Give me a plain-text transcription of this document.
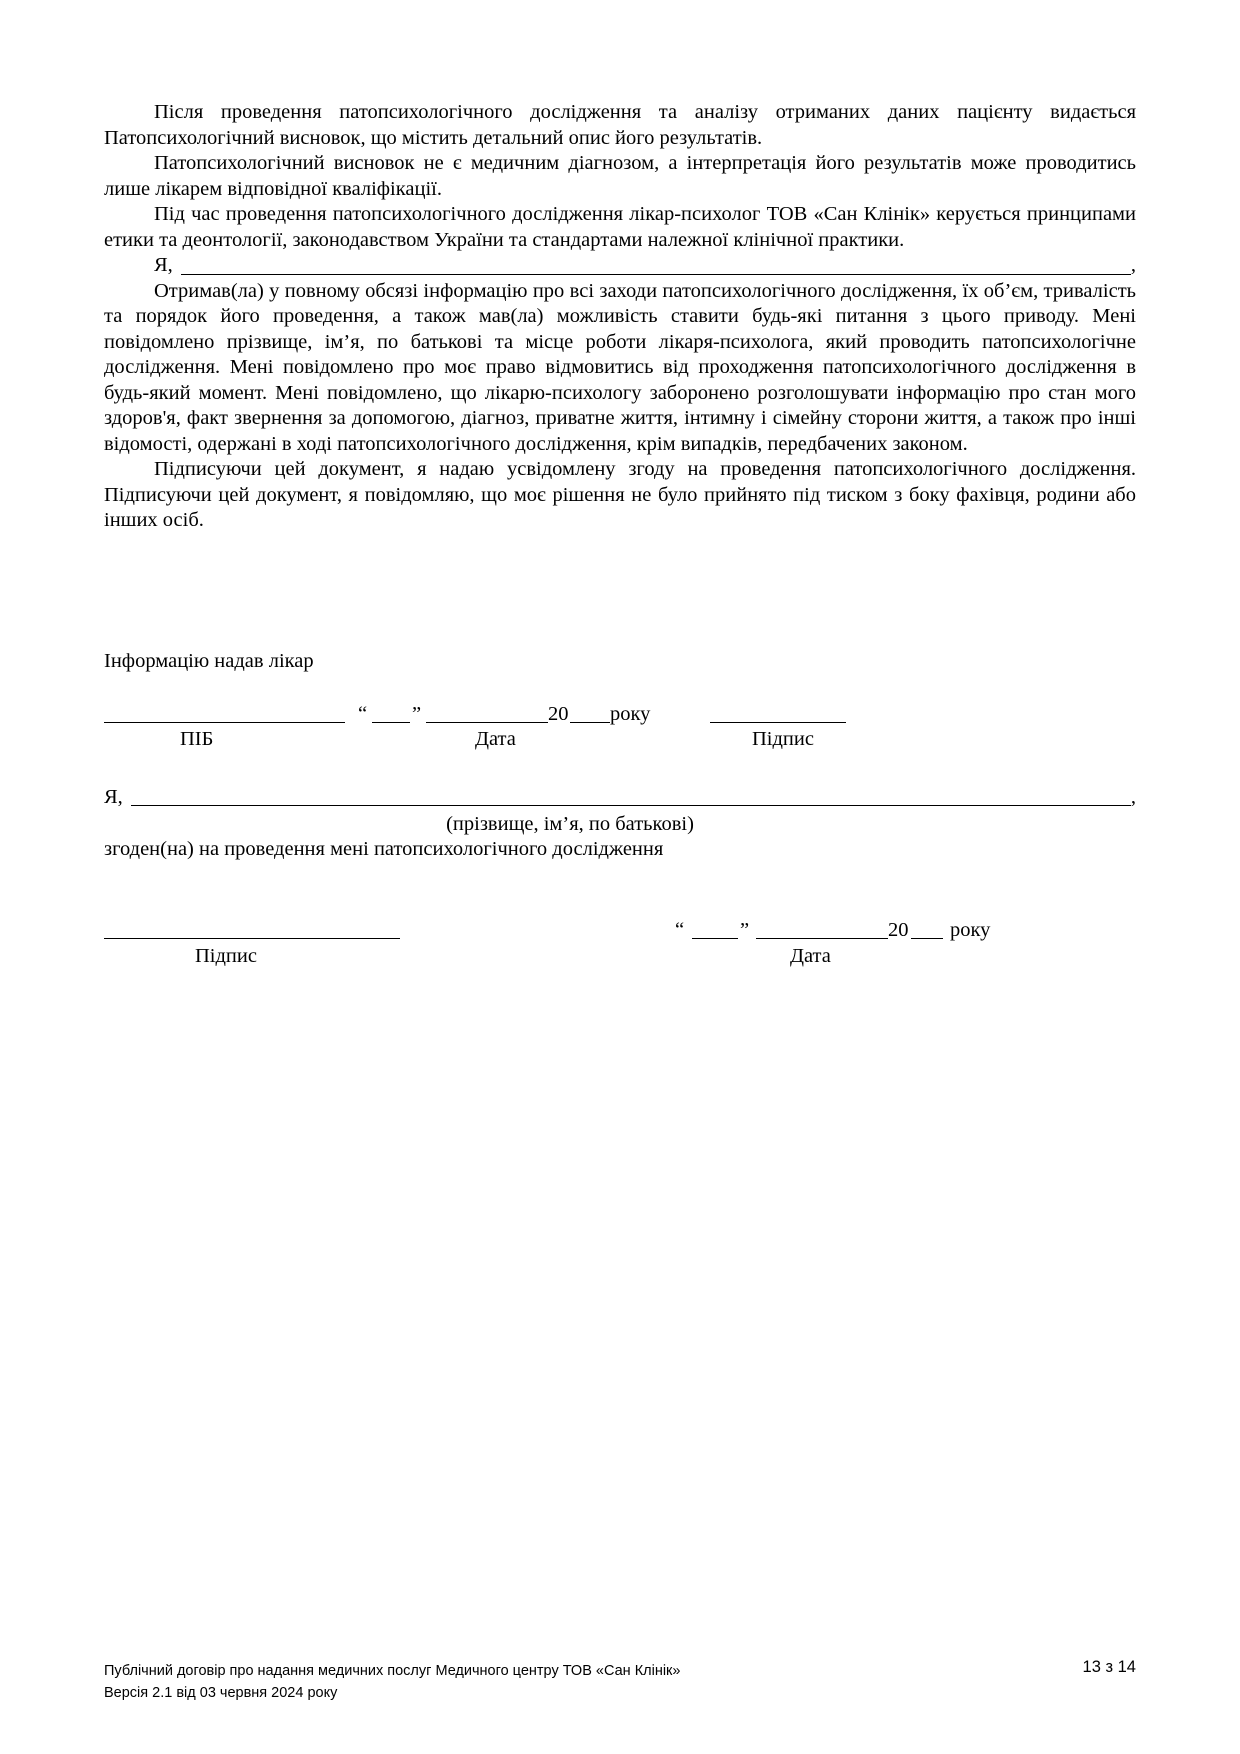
Після проведення патопсихологічного дослідження та аналізу отриманих даних пацієнту видається Патопсихологічний висновок, що містить детальний опис його результатів.

Патопсихологічний висновок не є медичним діагнозом, а інтерпретація його результатів може проводитись лише лікарем відповідної кваліфікації.

Під час проведення патопсихологічного дослідження лікар-психолог ТОВ «Сан Клінік» керується принципами етики та деонтології, законодавством України та стандартами належної клінічної практики.

Я,	,

Отримав(ла) у повному обсязі інформацію про всі заходи патопсихологічного дослідження, їх об’єм, тривалість та порядок його проведення, а також мав(ла) можливість ставити будь-які питання з цього приводу. Мені повідомлено прізвище, ім’я, по батькові та місце роботи лікаря-психолога, який проводить патопсихологічне дослідження. Мені повідомлено про моє право відмовитись від проходження патопсихологічного дослідження в будь-який момент. Мені повідомлено, що лікарю-психологу заборонено розголошувати інформацію про стан мого здоров'я, факт звернення за допомогою, діагноз, приватне життя, інтимну і сімейну сторони життя, а також про інші відомості, одержані в ході патопсихологічного дослідження, крім випадків, передбачених законом.

Підписуючи цей документ, я надаю усвідомлену згоду на проведення патопсихологічного дослідження. Підписуючи цей документ, я повідомляю, що моє рішення не було прийнято під тиском з боку фахівця, родини або інших осіб.

Інформацію надав лікар
“ ”	20 року
ПІБ	Дата	Підпис
Я,	,
(прізвище, ім’я, по батькові)
згоден(на) на проведення мені патопсихологічного дослідження
“	”	20 року
Підпис	Дата
Публічний договір про надання медичних послуг Медичного центру ТОВ «Сан Клінік»
Версія 2.1 від 03 червня 2024 року
13 з 14
